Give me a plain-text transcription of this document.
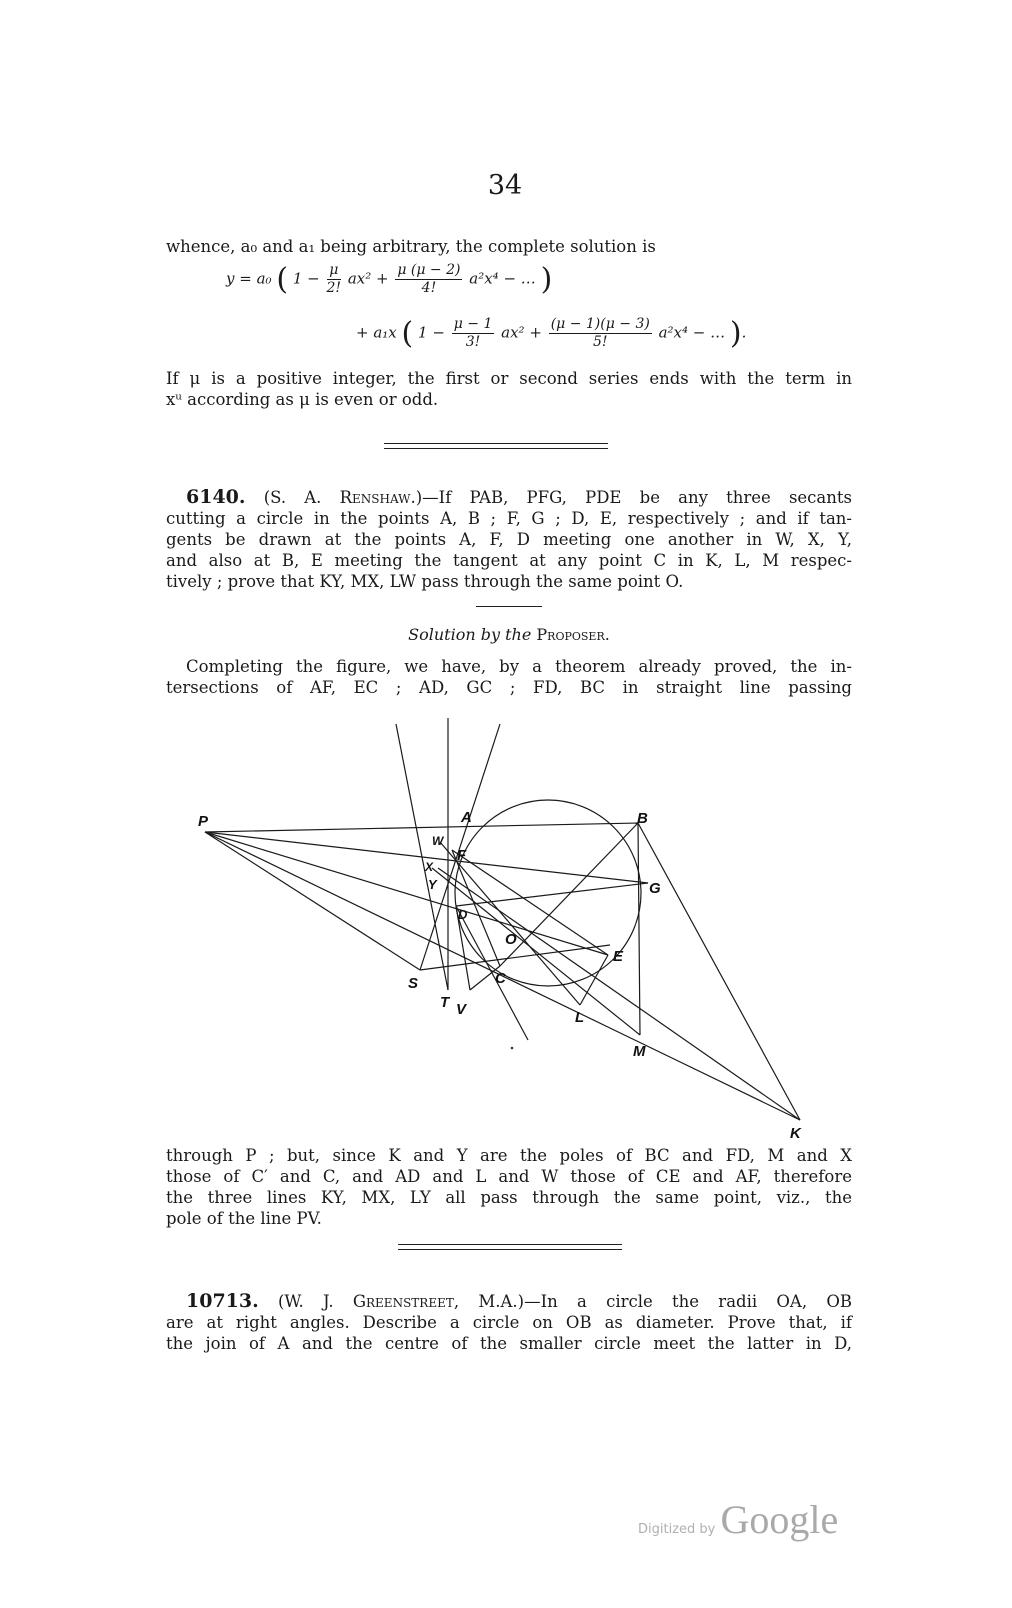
34
whence, a₀ and a₁ being arbitrary, the complete solution is
y = a₀ ( $1 - \frac{\mu}{2!} ax^2 + \frac{\mu (\mu - 2)}{4!} a^2x^4$ − … )
+ a₁x ( $1 - \frac{\mu - 1}{3!} ax^2 + \frac{(\mu - 1)(\mu - 3)}{5!} a^2x^4$ − … ).
If μ is a positive integer, the first or second series ends with the term in
xᵘ according as μ is even or odd.
6140. (S. A. Renshaw.)—If PAB, PFG, PDE be any three secants
cutting a circle in the points A, B ; F, G ; D, E, respectively ; and if tan-
gents be drawn at the points A, F, D meeting one another in W, X, Y,
and also at B, E meeting the tangent at any point C in K, L, M respec-
tively ; prove that KY, MX, LW pass through the same point O.
Solution by the Proposer.
Completing the figure, we have, by a theorem already proved, the in-
tersections of AF, EC ; AD, GC ; FD, BC in straight line passing
P	A	B
W
F
X
Y	G
D
O
E
C
S
T V	L
M
K
through P ; but, since K and Y are the poles of BC and FD, M and X
those of C′ and C, and AD and L and W those of CE and AF, therefore
the three lines KY, MX, LY all pass through the same point, viz., the
pole of the line PV.
10713. (W. J. Greenstreet, M.A.)—In a circle the radii OA, OB
are at right angles. Describe a circle on OB as diameter. Prove that, if
the join of A and the centre of the smaller circle meet the latter in D,
Digitized by Google
